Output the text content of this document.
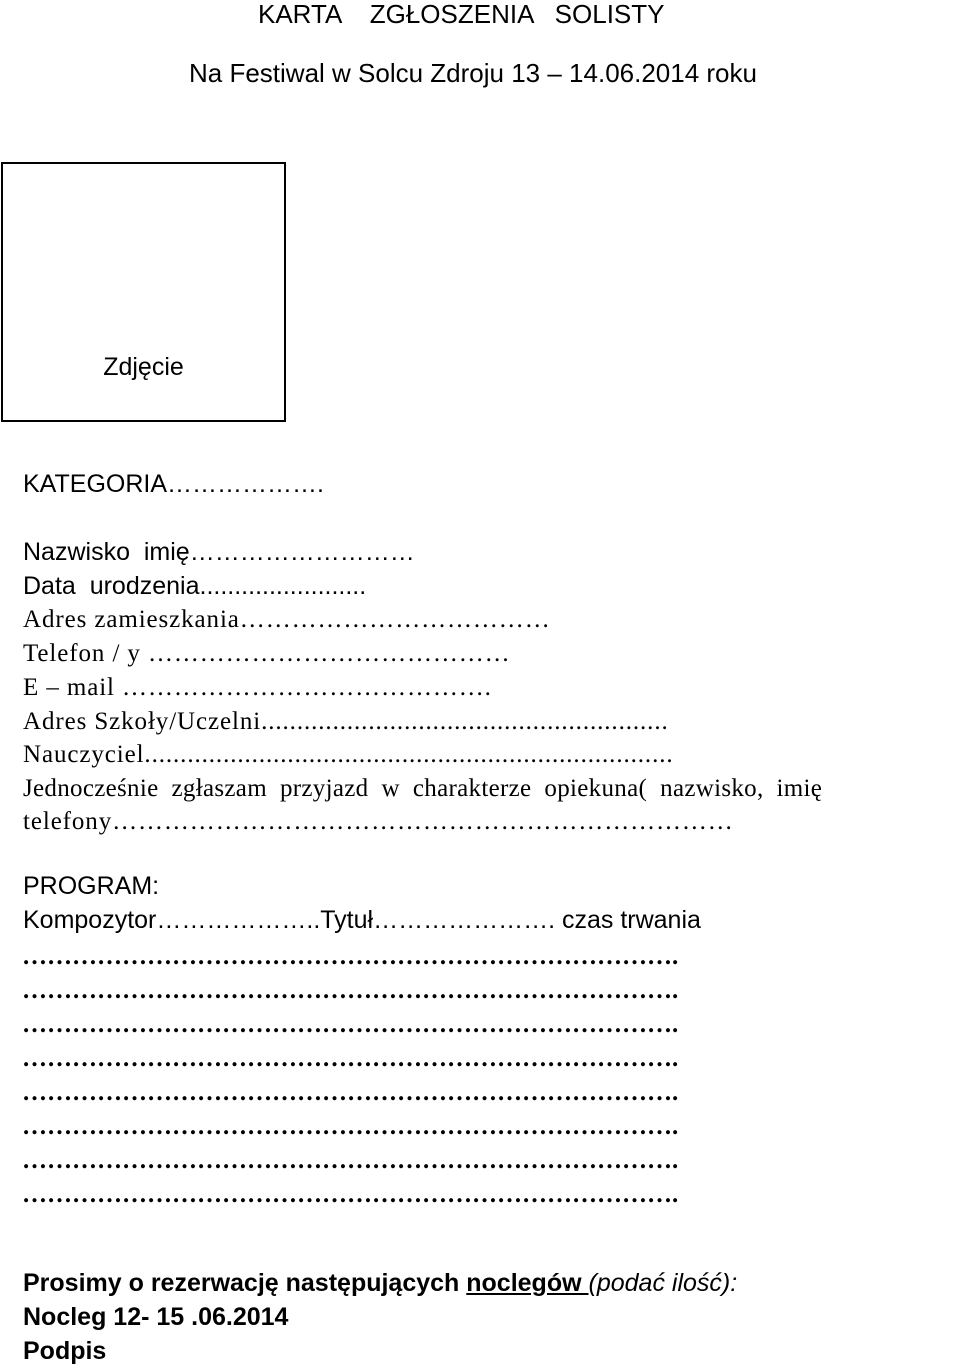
KARTA    ZGŁOSZENIA   SOLISTY
Na Festiwal w Solcu Zdroju 13 – 14.06.2014 roku
Zdjęcie
KATEGORIA……………….
Nazwisko  imię………………………
Data  urodzenia........................
Adres zamieszkania………………………………
Telefon / y ……………………………………
E – mail …………………………………….
Adres Szkoły/Uczelni.........................................................
Nauczyciel..........................................................................
Jednocześnie zgłaszam przyjazd w charakterze opiekuna( nazwisko, imię
telefony………………………………………………………………
PROGRAM:
Kompozytor………………..Tytuł…………………. czas trwania
…………………………………………………………………….
…………………………………………………………………….
…………………………………………………………………….
…………………………………………………………………….
…………………………………………………………………….
…………………………………………………………………….
…………………………………………………………………….
…………………………………………………………………….
Prosimy o rezerwację następujących noclegów (podać ilość):
Nocleg 12- 15 .06.2014
Podpis
